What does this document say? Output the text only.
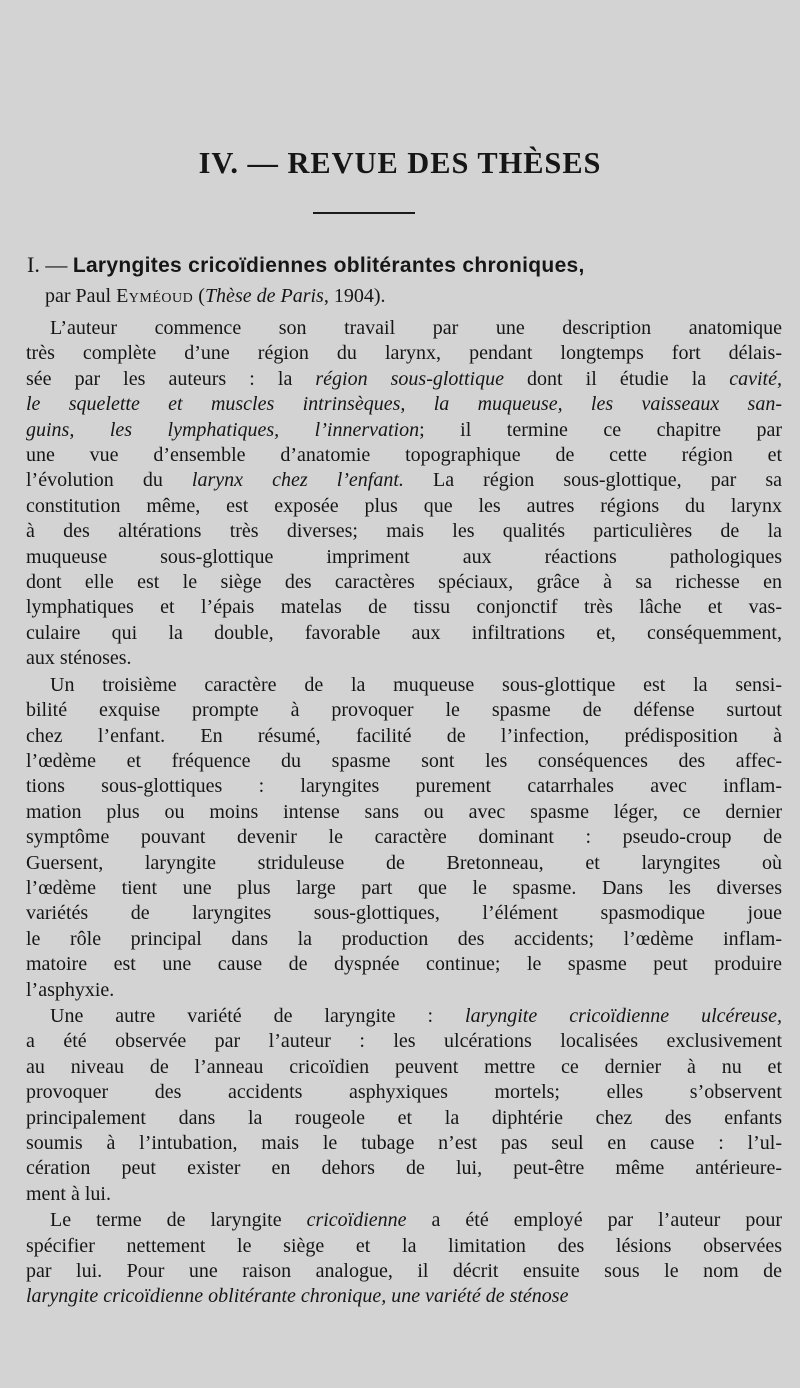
IV. — REVUE DES THÈSES
I. — Laryngites cricoïdiennes oblitérantes chroniques,
par Paul Eyméoud (Thèse de Paris, 1904).

L’auteur commence son travail par une description anatomique
très complète d’une région du larynx, pendant longtemps fort délais-
sée par les auteurs : la région sous-glottique dont il étudie la cavité,
le squelette et muscles intrinsèques, la muqueuse, les vaisseaux san-
guins, les lymphatiques, l’innervation; il termine ce chapitre par
une vue d’ensemble d’anatomie topographique de cette région et
l’évolution du larynx chez l’enfant. La région sous-glottique, par sa
constitution même, est exposée plus que les autres régions du larynx
à des altérations très diverses; mais les qualités particulières de la
muqueuse sous-glottique impriment aux réactions pathologiques
dont elle est le siège des caractères spéciaux, grâce à sa richesse en
lymphatiques et l’épais matelas de tissu conjonctif très lâche et vas-
culaire qui la double, favorable aux infiltrations et, conséquemment,
aux sténoses.

Un troisième caractère de la muqueuse sous-glottique est la sensi-
bilité exquise prompte à provoquer le spasme de défense surtout
chez l’enfant. En résumé, facilité de l’infection, prédisposition à
l’œdème et fréquence du spasme sont les conséquences des affec-
tions sous-glottiques : laryngites purement catarrhales avec inflam-
mation plus ou moins intense sans ou avec spasme léger, ce dernier
symptôme pouvant devenir le caractère dominant : pseudo-croup de
Guersent, laryngite striduleuse de Bretonneau, et laryngites où
l’œdème tient une plus large part que le spasme. Dans les diverses
variétés de laryngites sous-glottiques, l’élément spasmodique joue
le rôle principal dans la production des accidents; l’œdème inflam-
matoire est une cause de dyspnée continue; le spasme peut produire
l’asphyxie.

Une autre variété de laryngite : laryngite cricoïdienne ulcéreuse,
a été observée par l’auteur : les ulcérations localisées exclusivement
au niveau de l’anneau cricoïdien peuvent mettre ce dernier à nu et
provoquer des accidents asphyxiques mortels; elles s’observent
principalement dans la rougeole et la diphtérie chez des enfants
soumis à l’intubation, mais le tubage n’est pas seul en cause : l’ul-
cération peut exister en dehors de lui, peut-être même antérieure-
ment à lui.

Le terme de laryngite cricoïdienne a été employé par l’auteur pour
spécifier nettement le siège et la limitation des lésions observées
par lui. Pour une raison analogue, il décrit ensuite sous le nom de
laryngite cricoïdienne oblitérante chronique, une variété de sténose
